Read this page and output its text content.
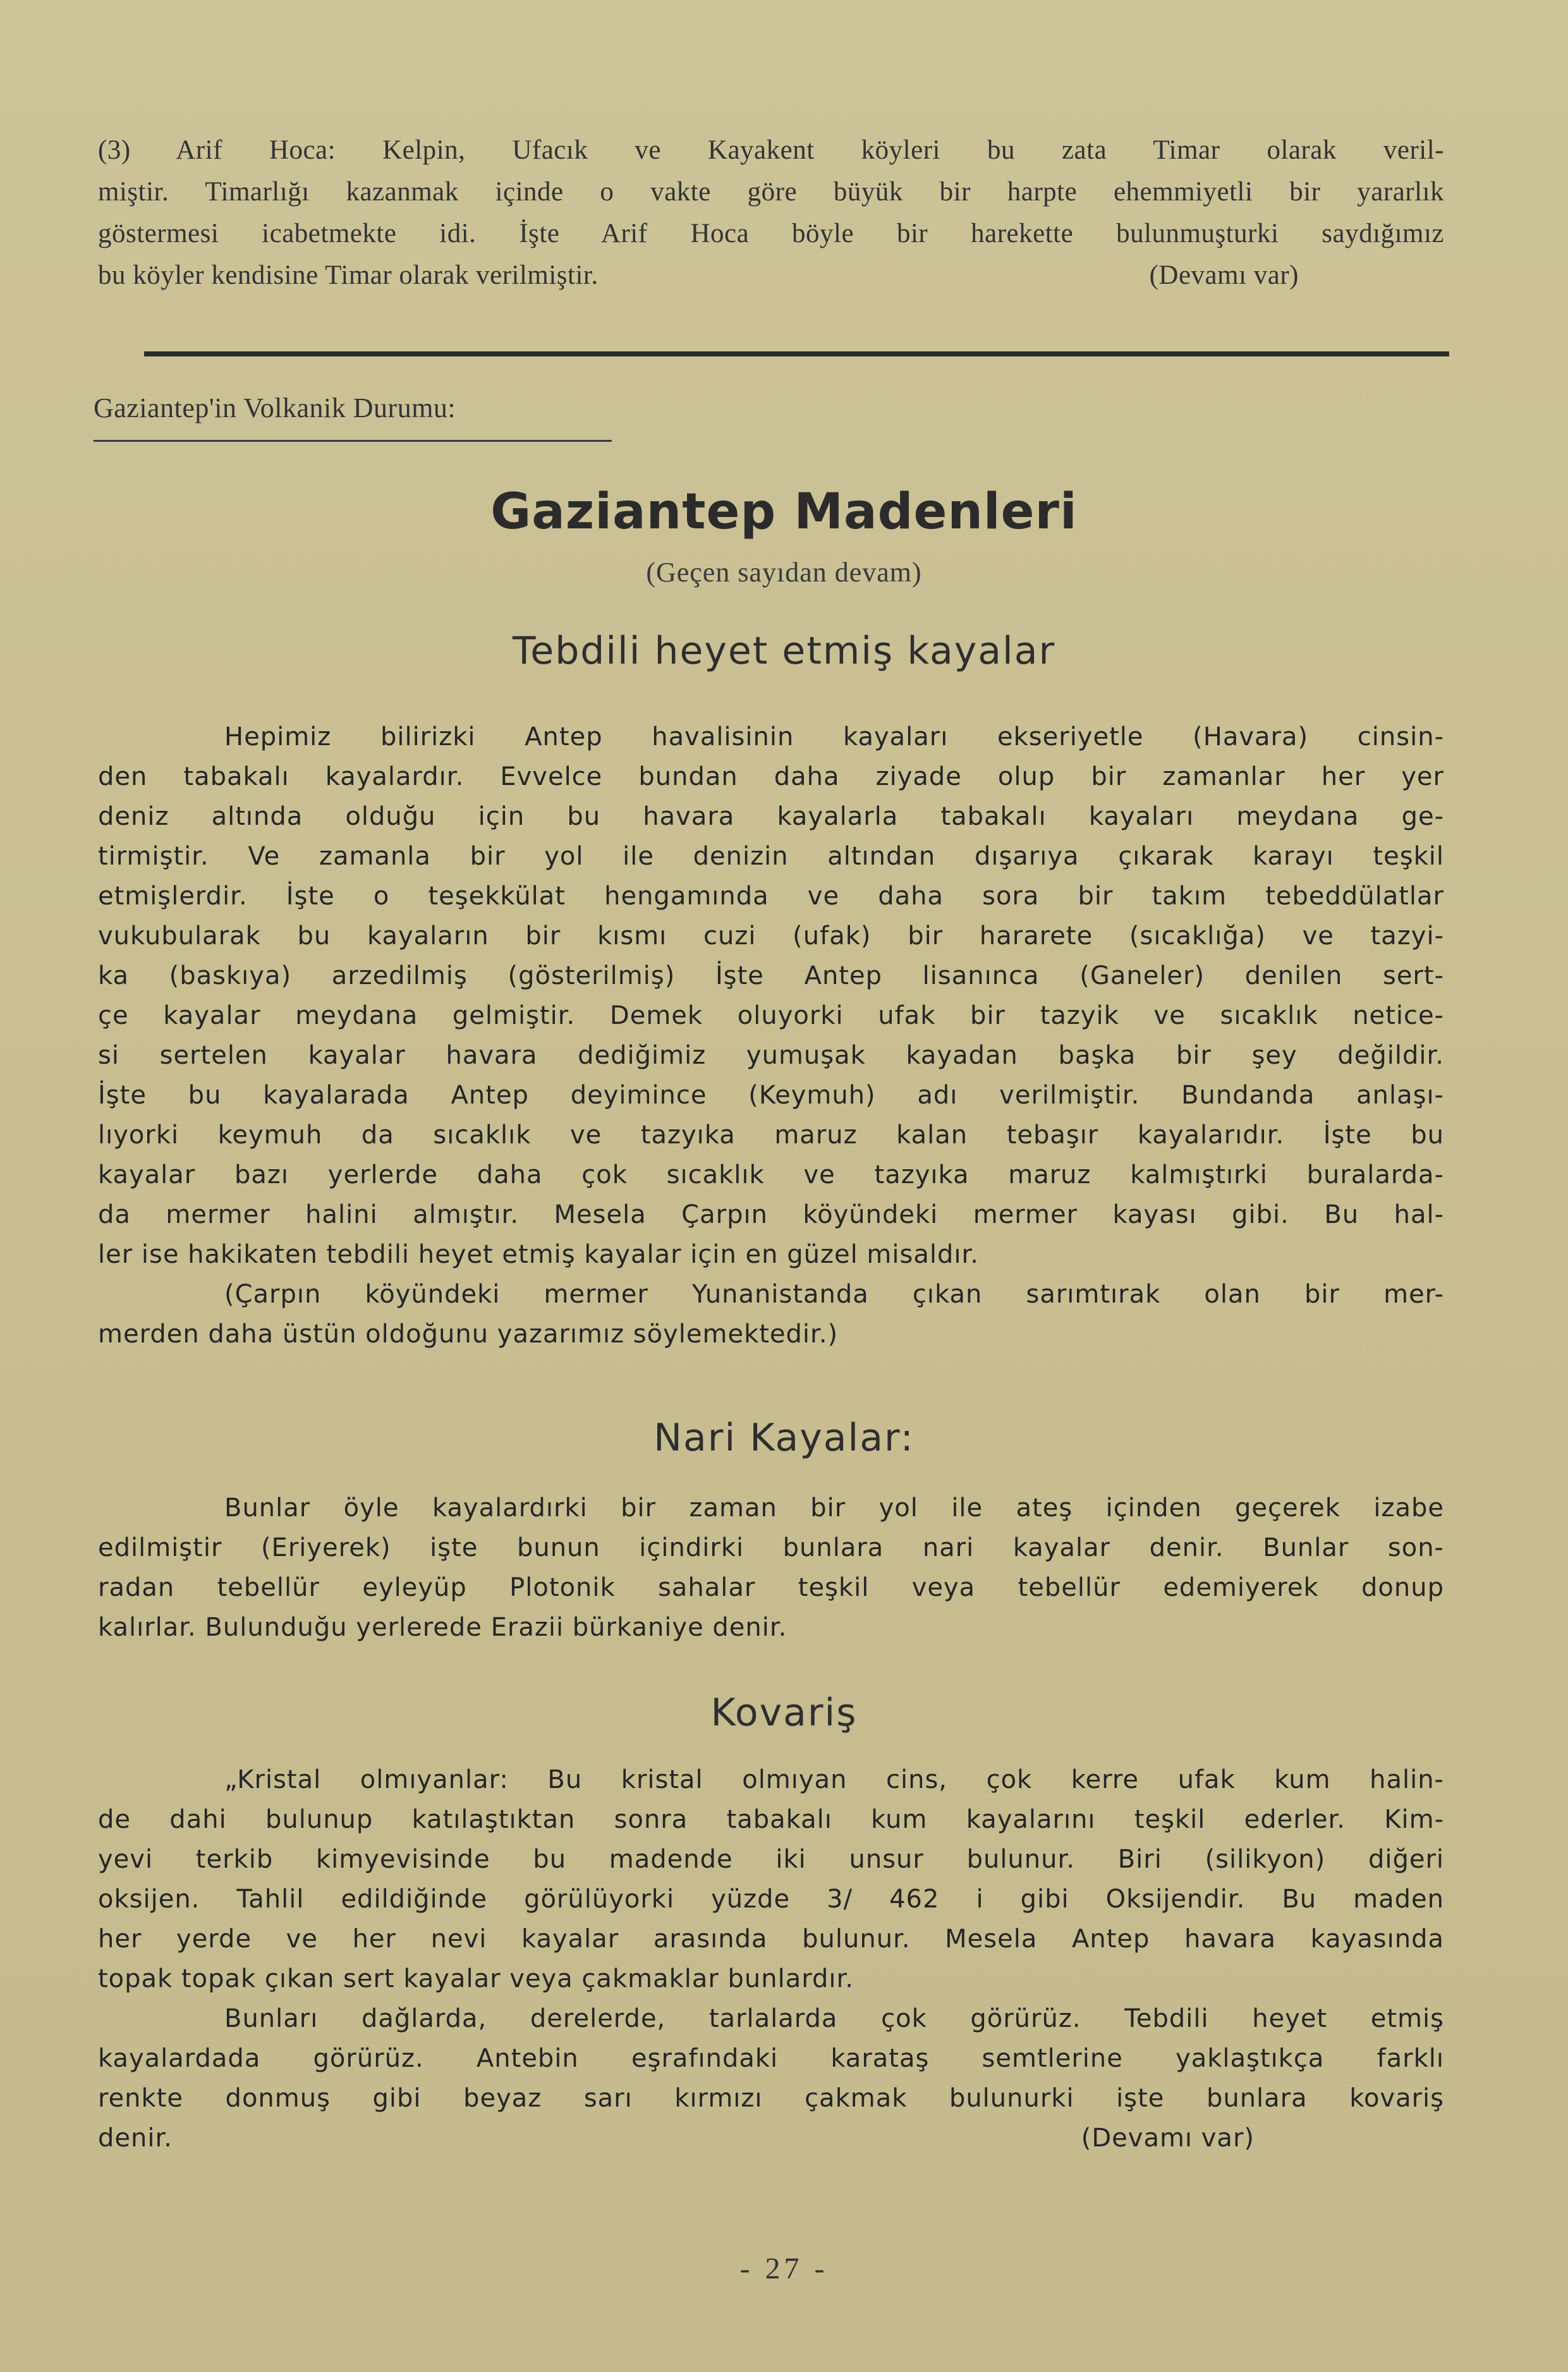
(3) Arif Hoca: Kelpin, Ufacık ve Kayakent köyleri bu zata Timar olarak veril-

miştir. Timarlığı kazanmak içinde o vakte göre büyük bir harpte ehemmiyetli bir yararlık

göstermesi icabetmekte idi. İşte Arif Hoca böyle bir harekette bulunmuşturki saydığımız

bu köyler kendisine Timar olarak verilmiştir.	(Devamı var)

Gaziantep'in Volkanik Durumu:
Gaziantep Madenleri
(Geçen sayıdan devam)
Tebdili heyet etmiş kayalar

Hepimiz bilirizki Antep havalisinin kayaları ekseriyetle (Havara) cinsin-

den tabakalı kayalardır. Evvelce bundan daha ziyade olup bir zamanlar her yer

deniz altında olduğu için bu havara kayalarla tabakalı kayaları meydana ge-

tirmiştir. Ve zamanla bir yol ile denizin altından dışarıya çıkarak karayı teşkil

etmişlerdir. İşte o teşekkülat hengamında ve daha sora bir takım tebeddülatlar

vukubularak bu kayaların bir kısmı cuzi (ufak) bir hararete (sıcaklığa) ve tazyi-

ka (baskıya) arzedilmiş (gösterilmiş) İşte Antep lisanınca (Ganeler) denilen sert-

çe kayalar meydana gelmiştir. Demek oluyorki ufak bir tazyik ve sıcaklık netice-

si sertelen kayalar havara dediğimiz yumuşak kayadan başka bir şey değildir.

İşte bu kayalarada Antep deyimince (Keymuh) adı verilmiştir. Bundanda anlaşı-

lıyorki keymuh da sıcaklık ve tazyıka maruz kalan tebaşır kayalarıdır. İşte bu

kayalar bazı yerlerde daha çok sıcaklık ve tazyıka maruz kalmıştırki buralarda-

da mermer halini almıştır. Mesela Çarpın köyündeki mermer kayası gibi. Bu hal-

ler ise hakikaten tebdili heyet etmiş kayalar için en güzel misaldır.

(Çarpın köyündeki mermer Yunanistanda çıkan sarımtırak olan bir mer-

merden daha üstün oldoğunu yazarımız söylemektedir.)

Nari Kayalar:

Bunlar öyle kayalardırki bir zaman bir yol ile ateş içinden geçerek izabe

edilmiştir (Eriyerek) işte bunun içindirki bunlara nari kayalar denir. Bunlar son-

radan tebellür eyleyüp Plotonik sahalar teşkil veya tebellür edemiyerek donup

kalırlar. Bulunduğu yerlerede Erazii bürkaniye denir.

Kovariş

„Kristal olmıyanlar: Bu kristal olmıyan cins, çok kerre ufak kum halin-

de dahi bulunup katılaştıktan sonra tabakalı kum kayalarını teşkil ederler. Kim-

yevi terkib kimyevisinde bu madende iki unsur bulunur. Biri (silikyon) diğeri

oksijen. Tahlil edildiğinde görülüyorki yüzde 3/ 462 i gibi Oksijendir. Bu maden

her yerde ve her nevi kayalar arasında bulunur. Mesela Antep havara kayasında

topak topak çıkan sert kayalar veya çakmaklar bunlardır.

Bunları dağlarda, derelerde, tarlalarda çok görürüz. Tebdili heyet etmiş

kayalardada görürüz. Antebin eşrafındaki karataş semtlerine yaklaştıkça farklı

renkte donmuş gibi beyaz sarı kırmızı çakmak bulunurki işte bunlara kovariş

denir.	(Devamı var)

- 27 -
